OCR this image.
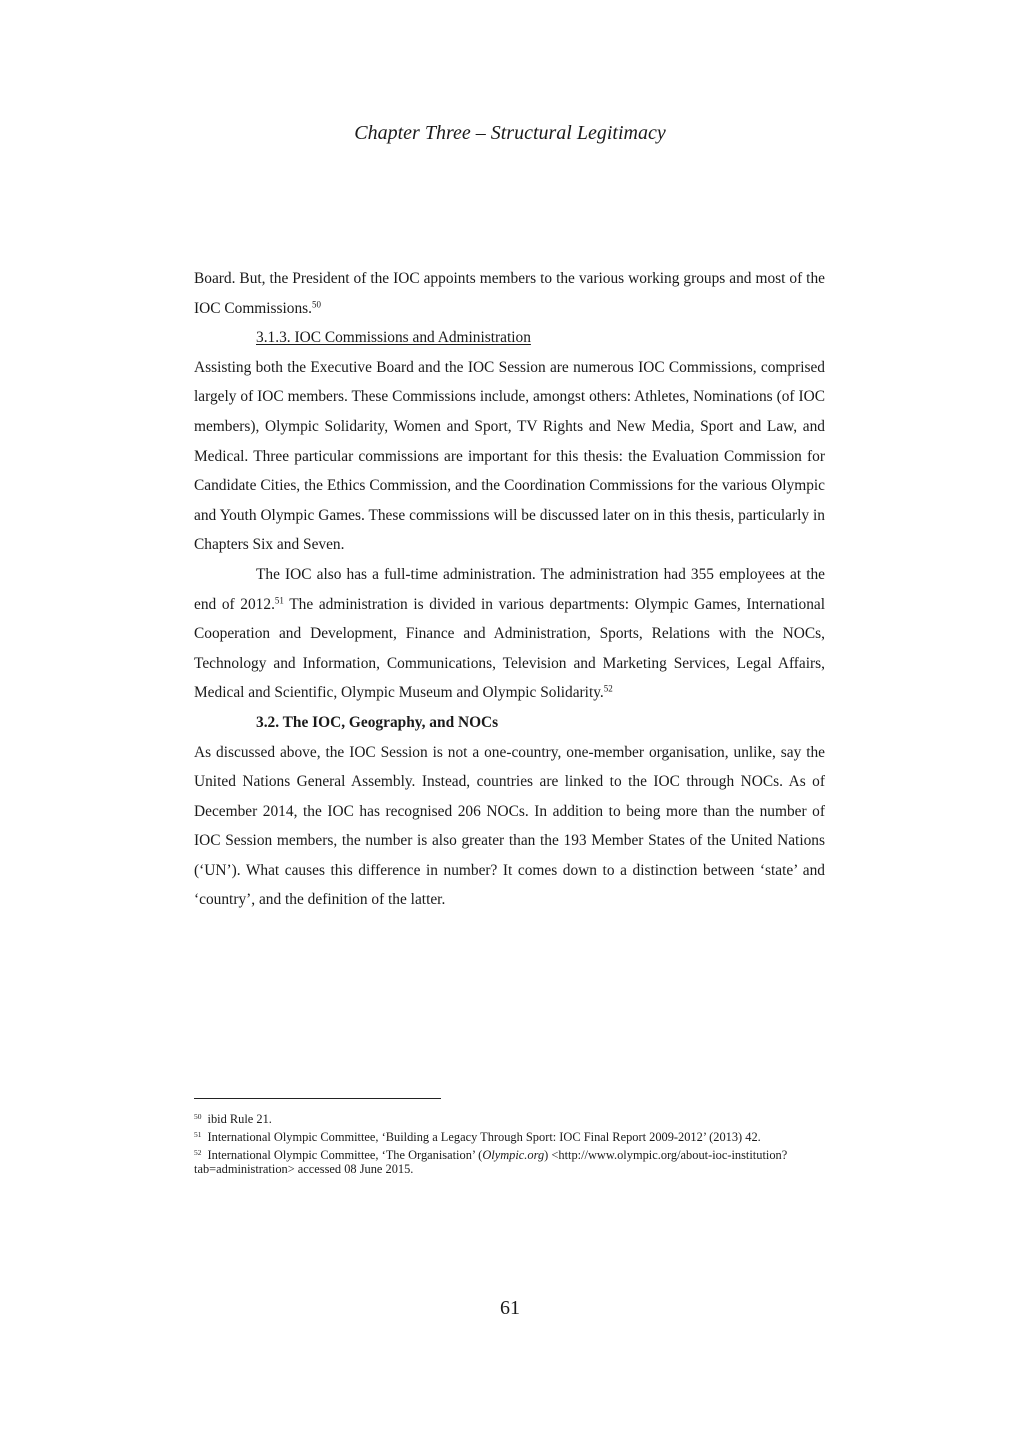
Chapter Three – Structural Legitimacy

Board. But, the President of the IOC appoints members to the various working groups and most of the IOC Commissions.$^{50}$

3.1.3. IOC Commissions and Administration

Assisting both the Executive Board and the IOC Session are numerous IOC Commissions, comprised largely of IOC members. These Commissions include, amongst others: Athletes, Nominations (of IOC members), Olympic Solidarity, Women and Sport, TV Rights and New Media, Sport and Law, and Medical. Three particular commissions are important for this thesis: the Evaluation Commission for Candidate Cities, the Ethics Commission, and the Coordination Commissions for the various Olympic and Youth Olympic Games. These commissions will be discussed later on in this thesis, particularly in Chapters Six and Seven.

The IOC also has a full-time administration. The administration had 355 employees at the end of 2012.51 The administration is divided in various departments: Olympic Games, International Cooperation and Development, Finance and Administration, Sports, Relations with the NOCs, Technology and Information, Communications, Television and Marketing Services, Legal Affairs, Medical and Scientific, Olympic Museum and Olympic Solidarity.$^{52}$

3.2. The IOC, Geography, and NOCs

As discussed above, the IOC Session is not a one-country, one-member organisation, unlike, say the United Nations General Assembly. Instead, countries are linked to the IOC through NOCs. As of December 2014, the IOC has recognised 206 NOCs. In addition to being more than the number of IOC Session members, the number is also greater than the 193 Member States of the United Nations (‘UN’). What causes this difference in number? It comes down to a distinction between ‘state’ and ‘country’, and the definition of the latter.

$^{50}$ ibid Rule 21.
$^{51}$ International Olympic Committee, ‘Building a Legacy Through Sport: IOC Final Report 2009-2012’ (2013) 42.
$^{52}$ International Olympic Committee, ‘The Organisation’ (Olympic.org) <http://www.olympic.org/about-ioc-institution?tab=administration> accessed 08 June 2015.
61
